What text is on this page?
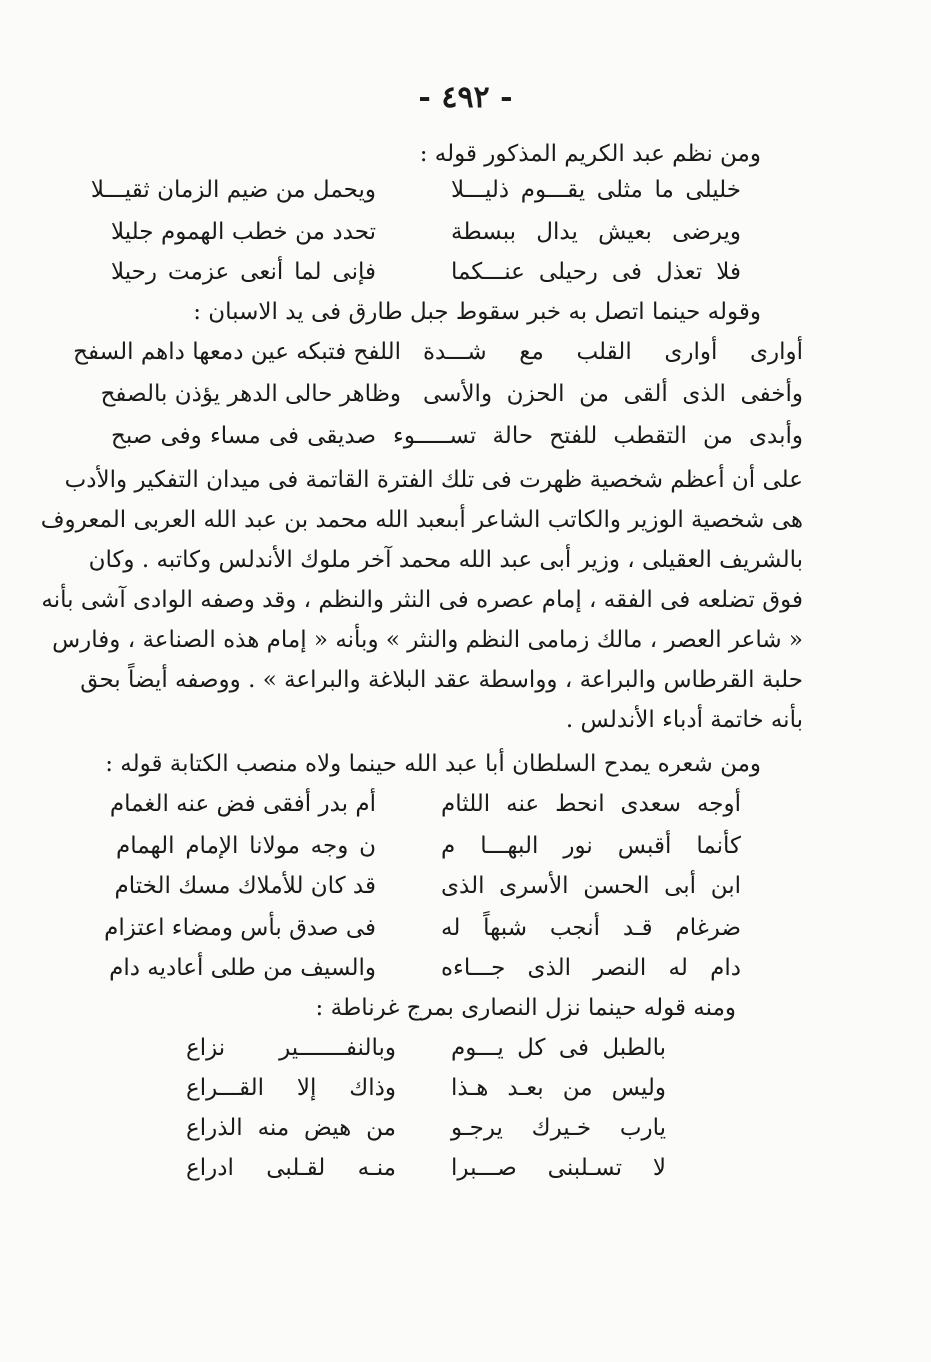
- ٤٩٢ -
ومن نظم عبد الكريم المذكور قوله :
خليلى ما مثلى يقـــوم ذليـــلا
ويحمل من ضيم الزمان ثقيـــلا
ويرضى بعيش يدال ببسطة
تحدد من خطب الهموم جليلا
فلا تعذل فى رحيلى عنـــكما
فإنى لما أنعى عزمت رحيلا
وقوله حينما اتصل به خبر سقوط جبل طارق فى يد الاسبان :
أوارى أوارى القلب مع شـــدة
اللفح فتبكه عين دمعها داهم السفح
وأخفى الذى ألقى من الحزن والأسى
وظاهر حالى الدهر يؤذن بالصفح
وأبدى من التقطب للفتح حالة تســـــوء
صديقى فى مساء وفى صبح
على أن أعظم شخصية ظهرت فى تلك الفترة القاتمة فى ميدان التفكير والأدب
هى شخصية الوزير والكاتب الشاعر أبىعبد الله محمد بن عبد الله العربى المعروف
بالشريف العقيلى ، وزير أبى عبد الله محمد آخر ملوك الأندلس وكاتبه . وكان
فوق تضلعه فى الفقه ، إمام عصره فى النثر والنظم ، وقد وصفه الوادى آشى بأنه
« شاعر العصر ، مالك زمامى النظم والنثر » وبأنه « إمام هذه الصناعة ، وفارس
حلبة القرطاس والبراعة ، وواسطة عقد البلاغة والبراعة » . ووصفه أيضاً بحق
بأنه خاتمة أدباء الأندلس .
ومن شعره يمدح السلطان أبا عبد الله حينما ولاه منصب الكتابة قوله :
أوجه سعدى انحط عنه اللثام
أم بدر أفقى فض عنه الغمام
كأنما أقبس نور البهـــا م
ن وجه مولانا الإمام الهمام
ابن أبى الحسن الأسرى الذى
قد كان للأملاك مسك الختام
ضرغام قـد أنجب شبهاً له
فى صدق بأس ومضاء اعتزام
دام له النصر الذى جـــاءه
والسيف من طلى أعاديه دام
ومنه قوله حينما نزل النصارى بمرج غرناطة :
بالطبل فى كل يـــوم
وبالنفـــــــير نزاع
وليس من بعـد هـذا
وذاك إلا القـــراع
يارب خـيرك يرجـو
من هيض منه الذراع
لا تسـلبنى صـــبرا
منـه لقـلبى ادراع
